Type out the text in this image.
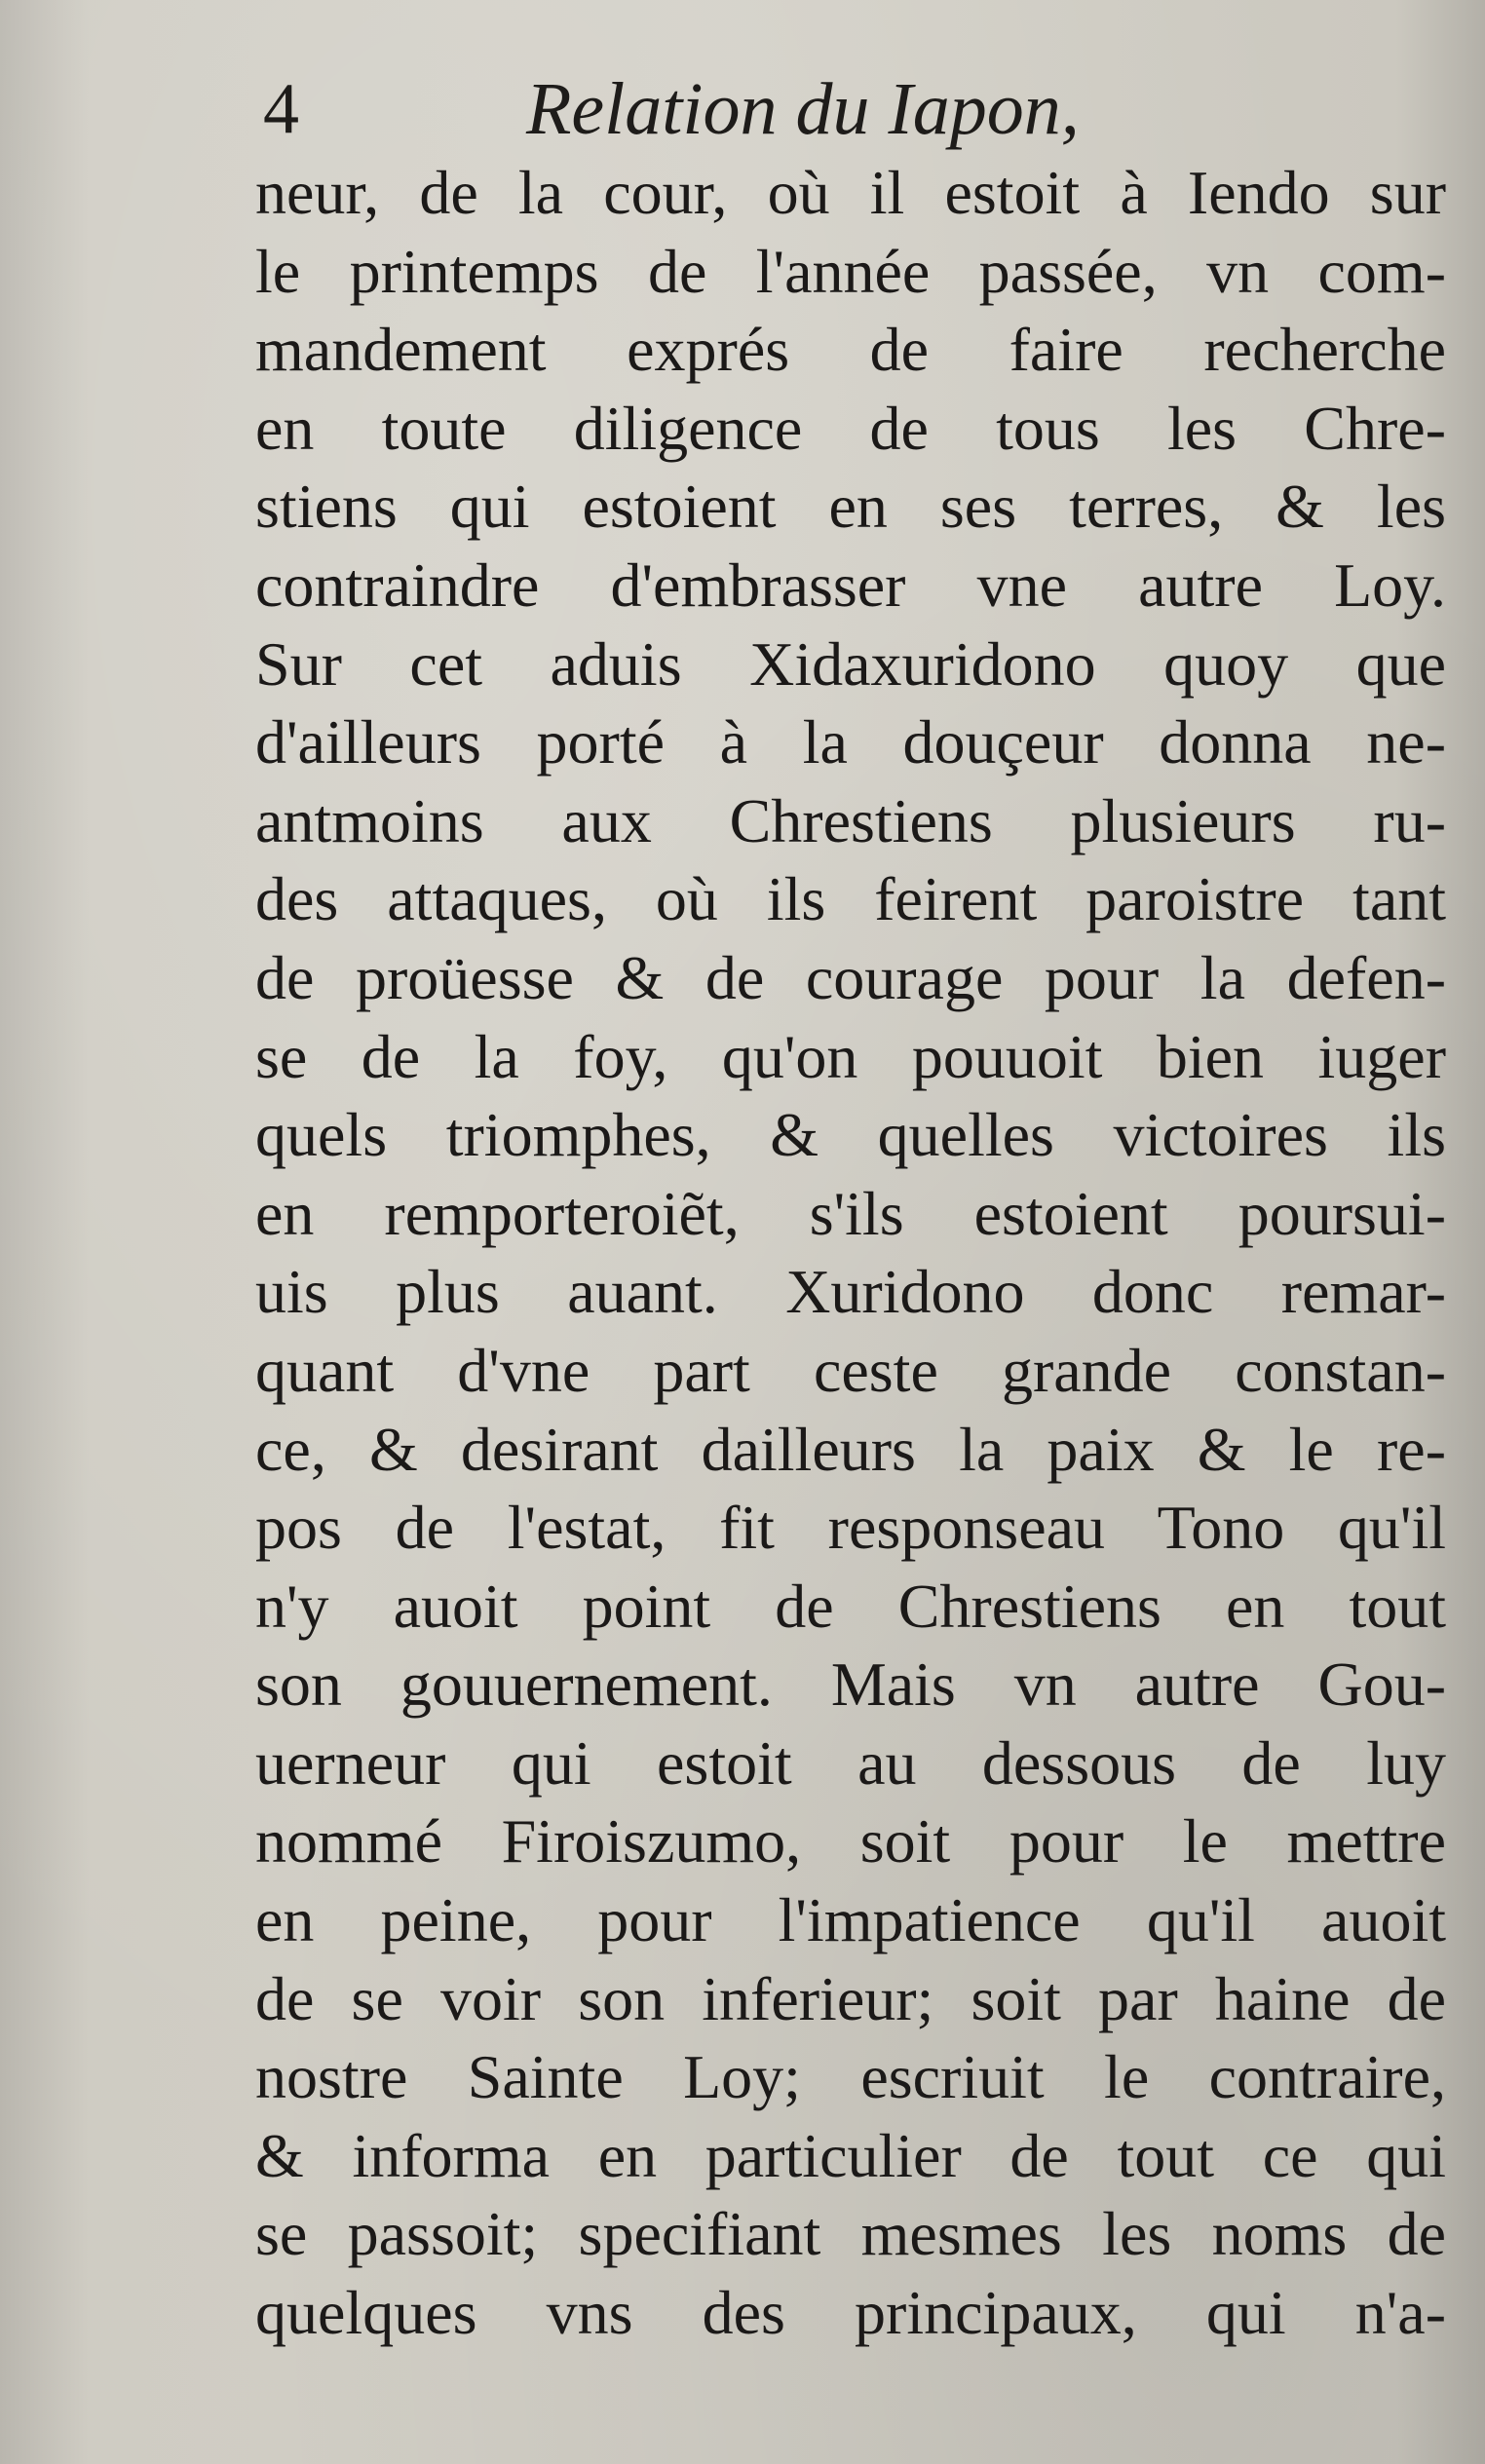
4	Relation du Iapon,
neur, de la cour, où il estoit à Iendo sur
le printemps de l'année passée, vn com-
mandement exprés de faire recherche
en toute diligence de tous les Chre-
stiens qui estoient en ses terres, & les
contraindre d'embrasser vne autre Loy.
Sur cet aduis Xidaxuridono quoy que
d'ailleurs porté à la douçeur donna ne-
antmoins aux Chrestiens plusieurs ru-
des attaques, où ils feirent paroistre tant
de proüesse & de courage pour la defen-
se de la foy, qu'on pouuoit bien iuger
quels triomphes, & quelles victoires ils
en remporteroiẽt, s'ils estoient poursui-
uis plus auant. Xuridono donc remar-
quant d'vne part ceste grande constan-
ce, & desirant dailleurs la paix & le re-
pos de l'estat, fit responseau Tono qu'il
n'y auoit point de Chrestiens en tout
son gouuernement. Mais vn autre Gou-
uerneur qui estoit au dessous de luy
nommé Firoiszumo, soit pour le mettre
en peine, pour l'impatience qu'il auoit
de se voir son inferieur; soit par haine de
nostre Sainte Loy; escriuit le contraire,
& informa en particulier de tout ce qui
se passoit; specifiant mesmes les noms de
quelques vns des principaux, qui n'a-
